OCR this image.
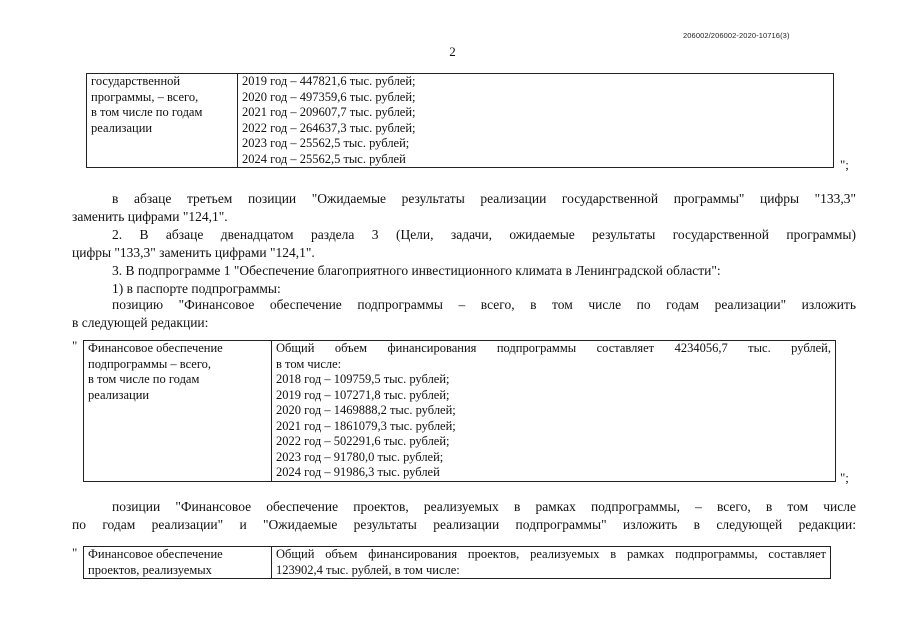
206002/206002-2020-10716(3)
2
государственной
программы, – всего,
в том числе по годам
реализации

2019 год – 447821,6 тыс. рублей;
2020 год – 497359,6 тыс. рублей;
2021 год – 209607,7 тыс. рублей;
2022 год – 264637,3 тыс. рублей;
2023 год – 25562,5 тыс. рублей;
2024 год – 25562,5 тыс. рублей	";
в абзаце третьем позиции "Ожидаемые результаты реализации государственной программы" цифры "133,3"
заменить цифрами "124,1".
2. В абзаце двенадцатом раздела 3 (Цели, задачи, ожидаемые результаты государственной программы)
цифры "133,3" заменить цифрами "124,1".
3. В подпрограмме 1 "Обеспечение благоприятного инвестиционного климата в Ленинградской области":
1) в паспорте подпрограммы:
позицию "Финансовое обеспечение подпрограммы – всего, в том числе по годам реализации" изложить
в следующей редакции:
" Финансовое обеспечение
подпрограммы – всего,
в том числе по годам
реализации

Общий объем финансирования подпрограммы составляет 4234056,7 тыс. рублей,
в том числе:
2018 год – 109759,5 тыс. рублей;
2019 год – 107271,8 тыс. рублей;
2020 год – 1469888,2 тыс. рублей;
2021 год – 1861079,3 тыс. рублей;
2022 год – 502291,6 тыс. рублей;
2023 год – 91780,0 тыс. рублей;
2024 год – 91986,3 тыс. рублей	";
позиции "Финансовое обеспечение проектов, реализуемых в рамках подпрограммы, – всего, в том числе
по годам реализации" и "Ожидаемые результаты реализации подпрограммы" изложить в следующей редакции:
" Финансовое обеспечение
проектов, реализуемых

Общий объем финансирования проектов, реализуемых в рамках подпрограммы, составляет
123902,4 тыс. рублей, в том числе:
